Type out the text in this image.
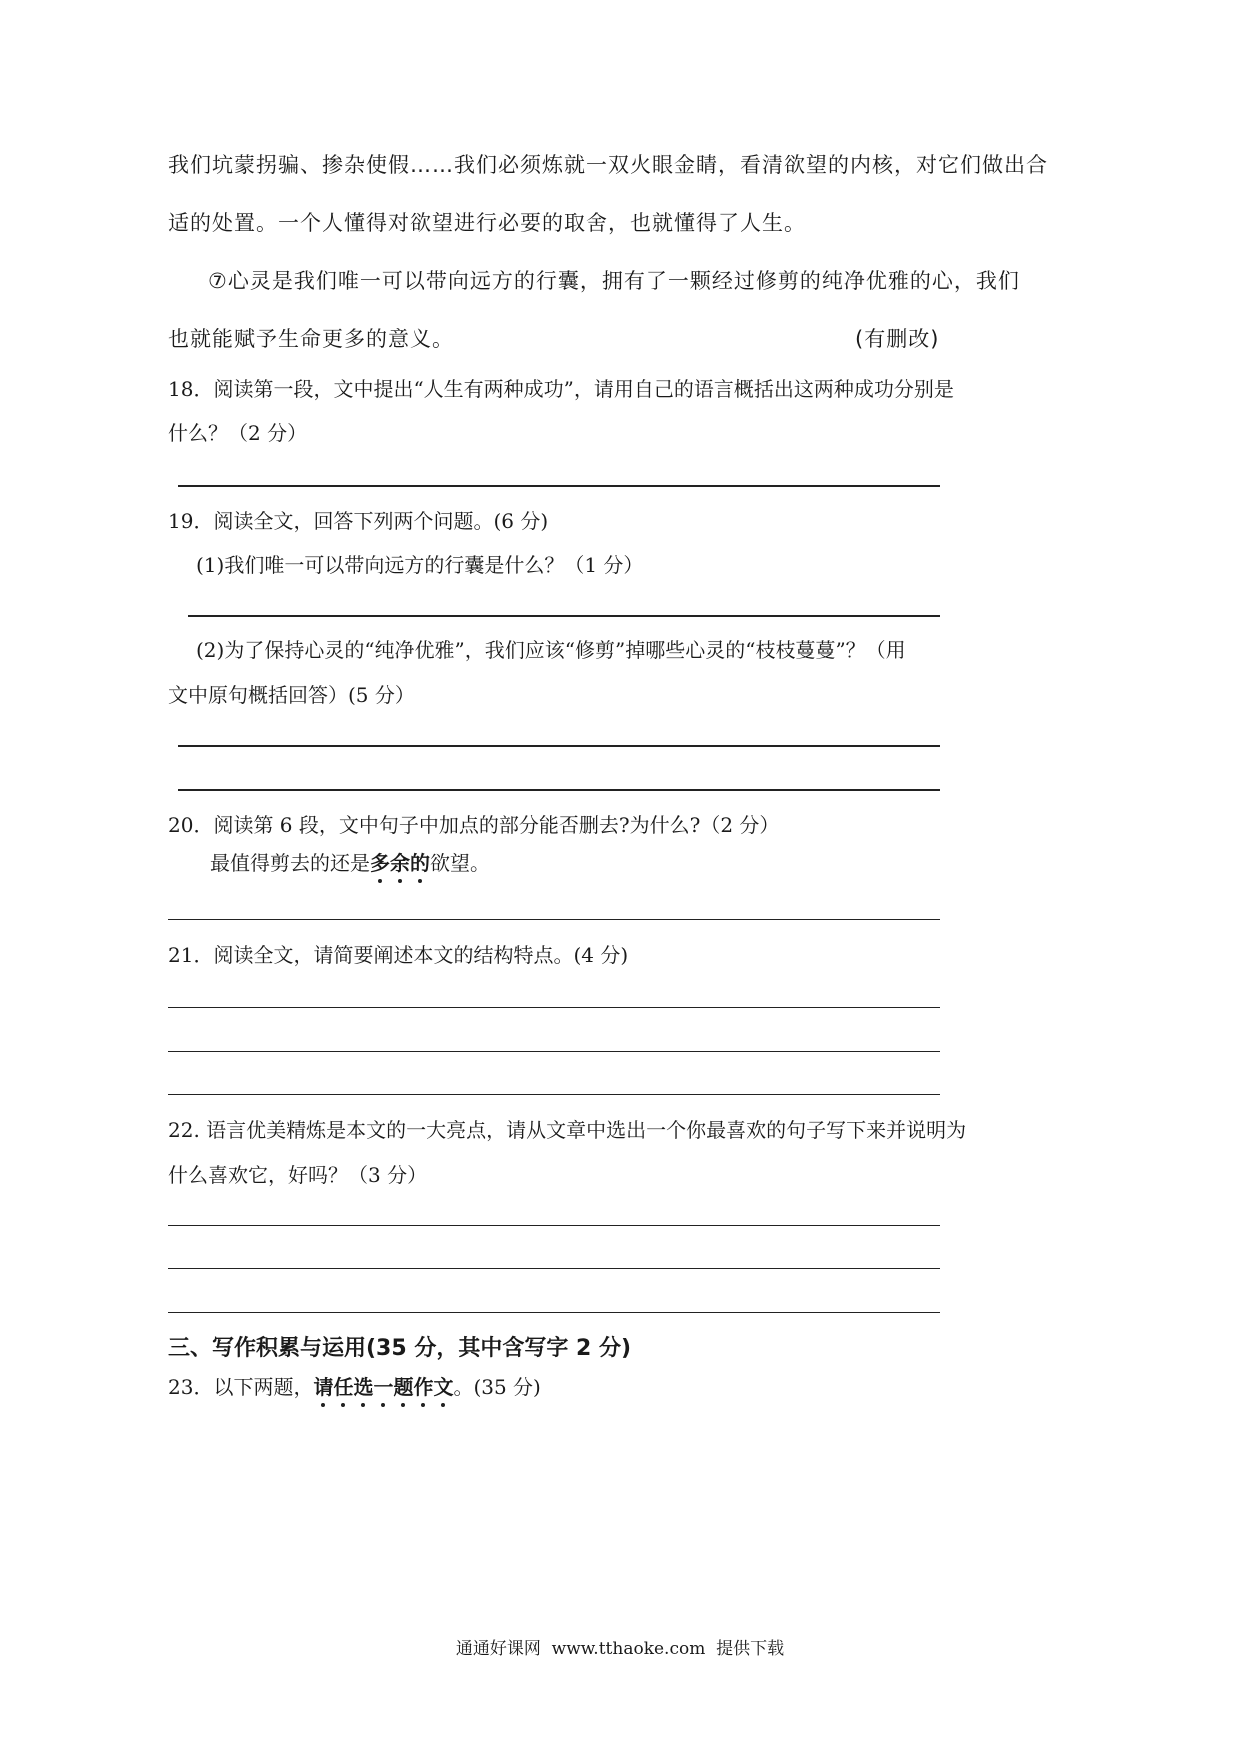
我们坑蒙拐骗、掺杂使假……我们必须炼就一双火眼金睛，看清欲望的内核，对它们做出合
适的处置。一个人懂得对欲望进行必要的取舍，也就懂得了人生。
⑦心灵是我们唯一可以带向远方的行囊，拥有了一颗经过修剪的纯净优雅的心，我们
也就能赋予生命更多的意义。	(有删改)
18．阅读第一段，文中提出“人生有两种成功”，请用自己的语言概括出这两种成功分别是
什么？（2 分）
19．阅读全文，回答下列两个问题。(6 分)
(1)我们唯一可以带向远方的行囊是什么？（1 分）
(2)为了保持心灵的“纯净优雅”，我们应该“修剪”掉哪些心灵的“枝枝蔓蔓”？（用
文中原句概括回答）(5 分）
20．阅读第 6 段，文中句子中加点的部分能否删去?为什么?（2 分）
最值得剪去的还是多余的欲望。
21．阅读全文，请简要阐述本文的结构特点。(4 分)
22. 语言优美精炼是本文的一大亮点，请从文章中选出一个你最喜欢的句子写下来并说明为
什么喜欢它，好吗？（3 分）
三、写作积累与运用(35 分，其中含写字 2 分)
23．以下两题，请任选一题作文。(35 分)
通通好课网  www.tthaoke.com  提供下载
